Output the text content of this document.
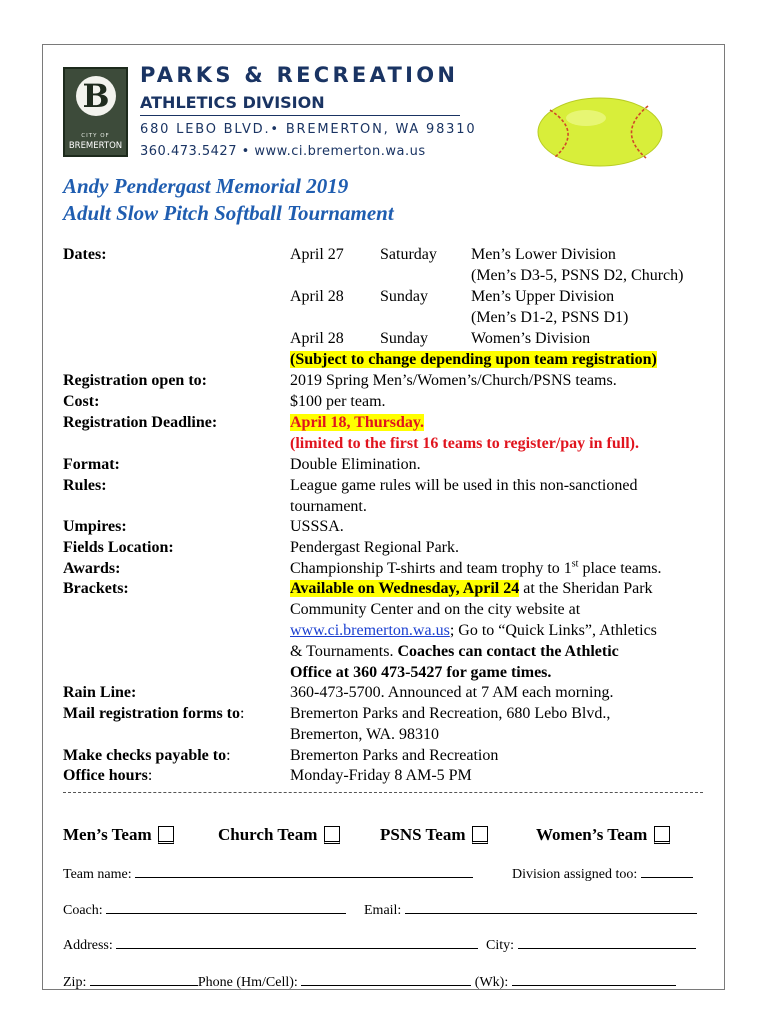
B
CITY OF
BREMERTON
PARKS & RECREATION
ATHLETICS DIVISION
680 LEBO BLVD.• BREMERTON, WA 98310
360.473.5427 • www.ci.bremerton.wa.us
Andy Pendergast Memorial 2019
Adult Slow Pitch Softball Tournament
Dates:	April 27 Saturday Men’s Lower Division
(Men’s D3-5, PSNS D2, Church)
April 28 Sunday	Men’s Upper Division
(Men’s D1-2, PSNS D1)
April 28 Sunday	Women’s Division
(Subject to change depending upon team registration)
Registration open to:	2019 Spring Men’s/Women’s/Church/PSNS teams.
Cost:	$100 per team.
Registration Deadline:	April 18, Thursday.
(limited to the first 16 teams to register/pay in full).
Format:	Double Elimination.
Rules:	League game rules will be used in this non-sanctioned
tournament.
Umpires:	USSSA.
Fields Location:	Pendergast Regional Park.
Awards:	Championship T-shirts and team trophy to 1st place teams.
Brackets:	Available on Wednesday, April 24 at the Sheridan Park
Community Center and on the city website at
www.ci.bremerton.wa.us; Go to “Quick Links”, Athletics
& Tournaments. Coaches can contact the Athletic
Office at 360 473-5427 for game times.
Rain Line:	360-473-5700. Announced at 7 AM each morning.
Mail registration forms to:	Bremerton Parks and Recreation, 680 Lebo Blvd.,
Bremerton, WA. 98310
Make checks payable to:	Bremerton Parks and Recreation
Office hours:	Monday-Friday 8 AM-5 PM
Men’s Team	Church Team	PSNS Team	Women’s Team
Team name:	Division assigned too:
Coach:	Email:
Address:	City:
Zip:	Phone (Hm/Cell):	(Wk):
